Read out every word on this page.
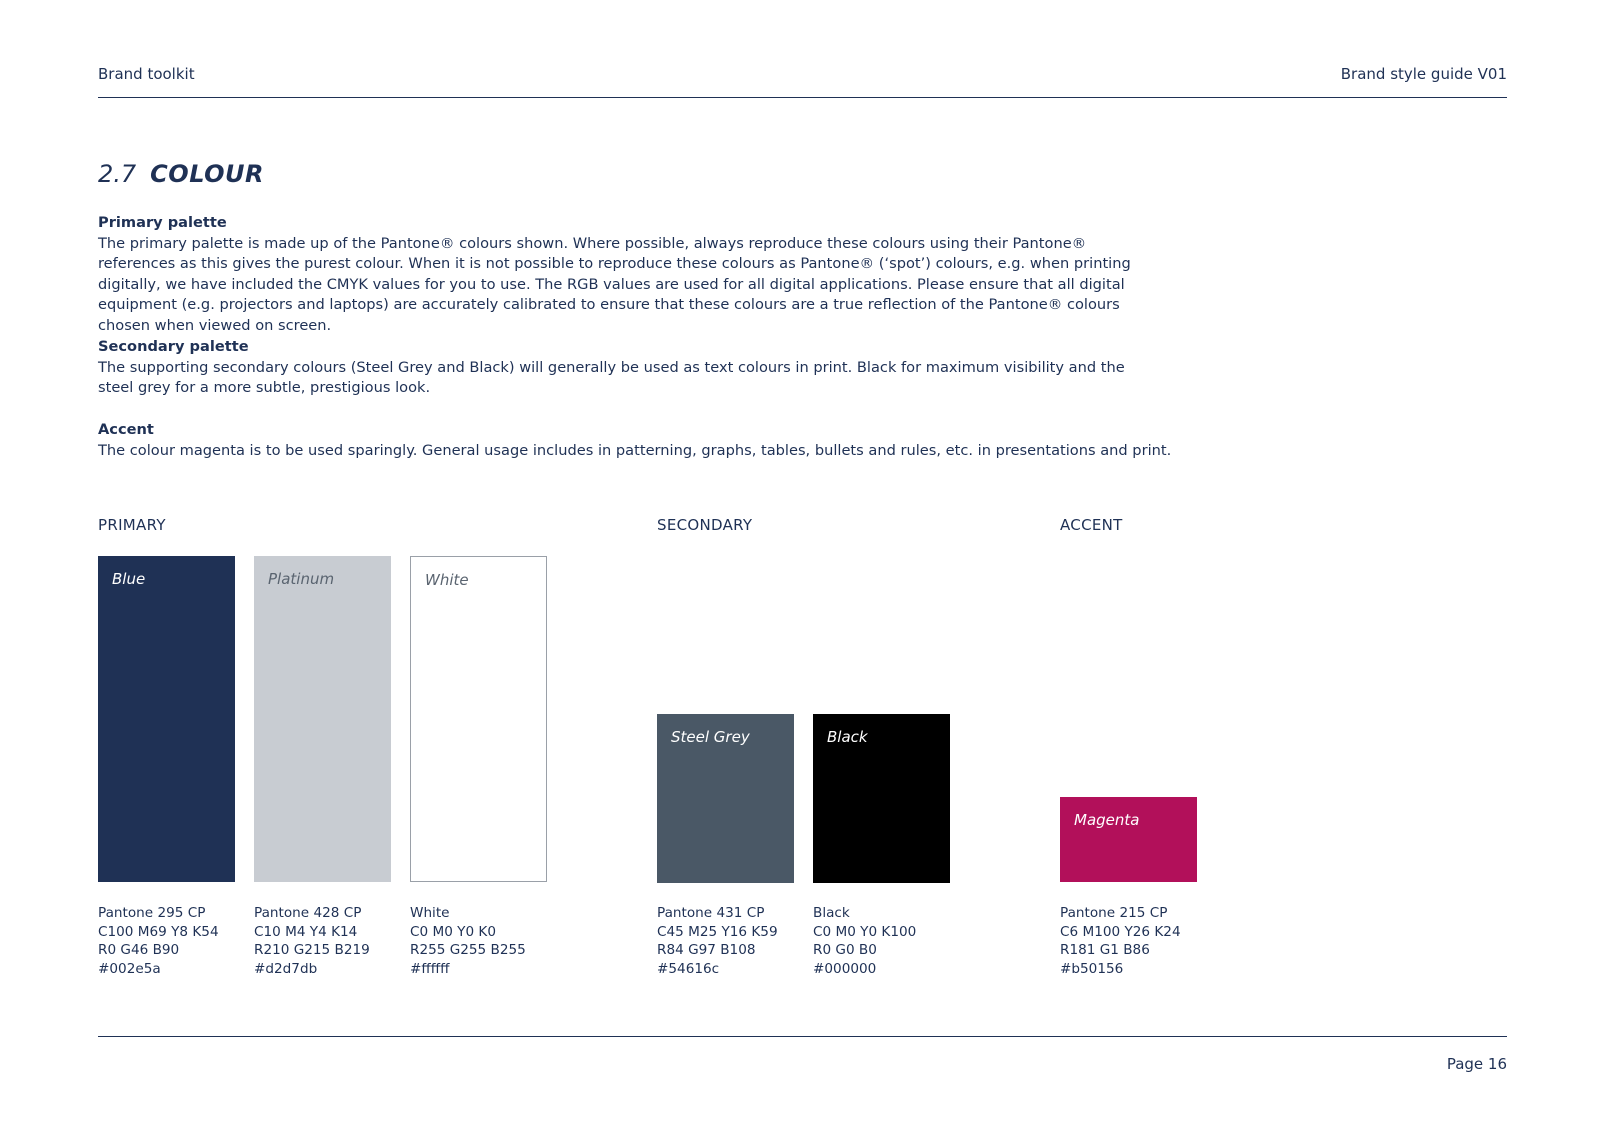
Brand toolkit	Brand style guide V01
2.7 COLOUR
Primary palette
The primary palette is made up of the Pantone® colours shown. Where possible, always reproduce these colours using their Pantone® references as this gives the purest colour. When it is not possible to reproduce these colours as Pantone® (‘spot’) colours, e.g. when printing digitally, we have included the CMYK values for you to use. The RGB values are used for all digital applications. Please ensure that all digital equipment (e.g. projectors and laptops) are accurately calibrated to ensure that these colours are a true reflection of the Pantone® colours chosen when viewed on screen.
Secondary palette
The supporting secondary colours (Steel Grey and Black) will generally be used as text colours in print. Black for maximum visibility and the steel grey for a more subtle, prestigious look.
Accent
The colour magenta is to be used sparingly. General usage includes in patterning, graphs, tables, bullets and rules, etc. in presentations and print.
PRIMARY	SECONDARY	ACCENT
Blue	Platinum	White
Steel Grey	Black
Magenta
Pantone 295 CP
C100 M69 Y8 K54
R0 G46 B90
#002e5a
Pantone 428 CP
C10 M4 Y4 K14
R210 G215 B219
#d2d7db
White
C0 M0 Y0 K0
R255 G255 B255
#ffffff
Pantone 431 CP
C45 M25 Y16 K59
R84 G97 B108
#54616c
Black
C0 M0 Y0 K100
R0 G0 B0
#000000
Pantone 215 CP
C6 M100 Y26 K24
R181 G1 B86
#b50156
Page 16
